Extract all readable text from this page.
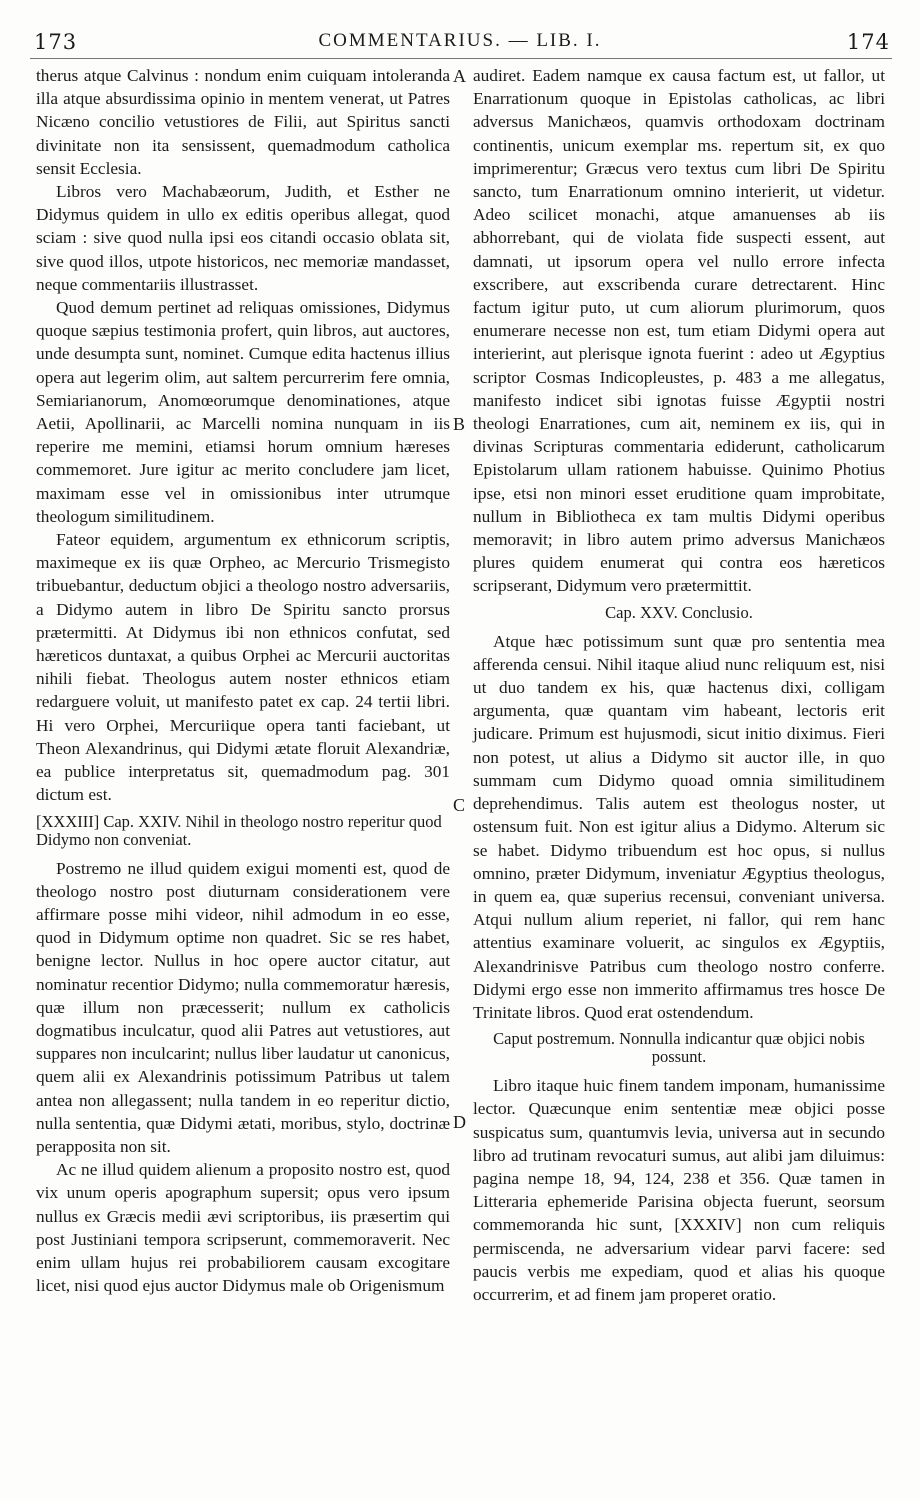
173	COMMENTARIUS. — LIB. I.	174

therus atque Calvinus : nondum enim cuiquam intoleranda illa atque absurdissima opinio in mentem venerat, ut Patres Nicæno concilio vetustiores de Filii, aut Spiritus sancti divinitate non ita sensissent, quemadmodum catholica sensit Ecclesia.

Libros vero Machabæorum, Judith, et Esther ne Didymus quidem in ullo ex editis operibus allegat, quod sciam : sive quod nulla ipsi eos citandi occasio oblata sit, sive quod illos, utpote historicos, nec memoriæ mandasset, neque commentariis illustrasset.

Quod demum pertinet ad reliquas omissiones, Didymus quoque sæpius testimonia profert, quin libros, aut auctores, unde desumpta sunt, nominet. Cumque edita hactenus illius opera aut legerim olim, aut saltem percurrerim fere omnia, Semiarianorum, Anomœorumque denominationes, atque Aetii, Apollinarii, ac Marcelli nomina nunquam in iis reperire me memini, etiamsi horum omnium hæreses commemoret. Jure igitur ac merito concludere jam licet, maximam esse vel in omissionibus inter utrumque theologum similitudinem.

Fateor equidem, argumentum ex ethnicorum scriptis, maximeque ex iis quæ Orpheo, ac Mercurio Trismegisto tribuebantur, deductum objici a theologo nostro adversariis, a Didymo autem in libro De Spiritu sancto prorsus prætermitti. At Didymus ibi non ethnicos confutat, sed hæreticos duntaxat, a quibus Orphei ac Mercurii auctoritas nihili fiebat. Theologus autem noster ethnicos etiam redarguere voluit, ut manifesto patet ex cap. 24 tertii libri. Hi vero Orphei, Mercuriique opera tanti faciebant, ut Theon Alexandrinus, qui Didymi ætate floruit Alexandriæ, ea publice interpretatus sit, quemadmodum pag. 301 dictum est.

[XXXIII] Cap. XXIV. Nihil in theologo nostro reperitur quod Didymo non conveniat.

Postremo ne illud quidem exigui momenti est, quod de theologo nostro post diuturnam considerationem vere affirmare posse mihi videor, nihil admodum in eo esse, quod in Didymum optime non quadret. Sic se res habet, benigne lector. Nullus in hoc opere auctor citatur, aut nominatur recentior Didymo; nulla commemoratur hæresis, quæ illum non præcesserit; nullum ex catholicis dogmatibus inculcatur, quod alii Patres aut vetustiores, aut suppares non inculcarint; nullus liber laudatur ut canonicus, quem alii ex Alexandrinis potissimum Patribus ut talem antea non allegassent; nulla tandem in eo reperitur dictio, nulla sententia, quæ Didymi ætati, moribus, stylo, doctrinæ perapposita non sit.

Ac ne illud quidem alienum a proposito nostro est, quod vix unum operis apographum supersit; opus vero ipsum nullus ex Græcis medii ævi scriptoribus, iis præsertim qui post Justiniani tempora scripserunt, commemoraverit. Nec enim ullam hujus rei probabiliorem causam excogitare licet, nisi quod ejus auctor Didymus male ob Origenismum

audiret. Eadem namque ex causa factum est, ut fallor, ut Enarrationum quoque in Epistolas catholicas, ac libri adversus Manichæos, quamvis orthodoxam doctrinam continentis, unicum exemplar ms. repertum sit, ex quo imprimerentur; Græcus vero textus cum libri De Spiritu sancto, tum Enarrationum omnino interierit, ut videtur. Adeo scilicet monachi, atque amanuenses ab iis abhorrebant, qui de violata fide suspecti essent, aut damnati, ut ipsorum opera vel nullo errore infecta exscribere, aut exscribenda curare detrectarent. Hinc factum igitur puto, ut cum aliorum plurimorum, quos enumerare necesse non est, tum etiam Didymi opera aut interierint, aut plerisque ignota fuerint : adeo ut Ægyptius scriptor Cosmas Indicopleustes, p. 483 a me allegatus, manifesto indicet sibi ignotas fuisse Ægyptii nostri theologi Enarrationes, cum ait, neminem ex iis, qui in divinas Scripturas commentaria ediderunt, catholicarum Epistolarum ullam rationem habuisse. Quinimo Photius ipse, etsi non minori esset eruditione quam improbitate, nullum in Bibliotheca ex tam multis Didymi operibus memoravit; in libro autem primo adversus Manichæos plures quidem enumerat qui contra eos hæreticos scripserant, Didymum vero prætermittit.

Cap. XXV. Conclusio.

Atque hæc potissimum sunt quæ pro sententia mea afferenda censui. Nihil itaque aliud nunc reliquum est, nisi ut duo tandem ex his, quæ hactenus dixi, colligam argumenta, quæ quantam vim habeant, lectoris erit judicare. Primum est hujusmodi, sicut initio diximus. Fieri non potest, ut alius a Didymo sit auctor ille, in quo summam cum Didymo quoad omnia similitudinem deprehendimus. Talis autem est theologus noster, ut ostensum fuit. Non est igitur alius a Didymo. Alterum sic se habet. Didymo tribuendum est hoc opus, si nullus omnino, præter Didymum, inveniatur Ægyptius theologus, in quem ea, quæ superius recensui, conveniant universa. Atqui nullum alium reperiet, ni fallor, qui rem hanc attentius examinare voluerit, ac singulos ex Ægyptiis, Alexandrinisve Patribus cum theologo nostro conferre. Didymi ergo esse non immerito affirmamus tres hosce De Trinitate libros. Quod erat ostendendum.

Caput postremum. Nonnulla indicantur quæ objici nobis possunt.

Libro itaque huic finem tandem imponam, humanissime lector. Quæcunque enim sententiæ meæ objici posse suspicatus sum, quantumvis levia, universa aut in secundo libro ad trutinam revocaturi sumus, aut alibi jam diluimus: pagina nempe 18, 94, 124, 238 et 356. Quæ tamen in Litteraria ephemeride Parisina objecta fuerunt, seorsum commemoranda hic sunt, [XXXIV] non cum reliquis permiscenda, ne adversarium videar parvi facere: sed paucis verbis me expediam, quod et alias his quoque occurrerim, et ad finem jam properet oratio.

A
B
C
D
